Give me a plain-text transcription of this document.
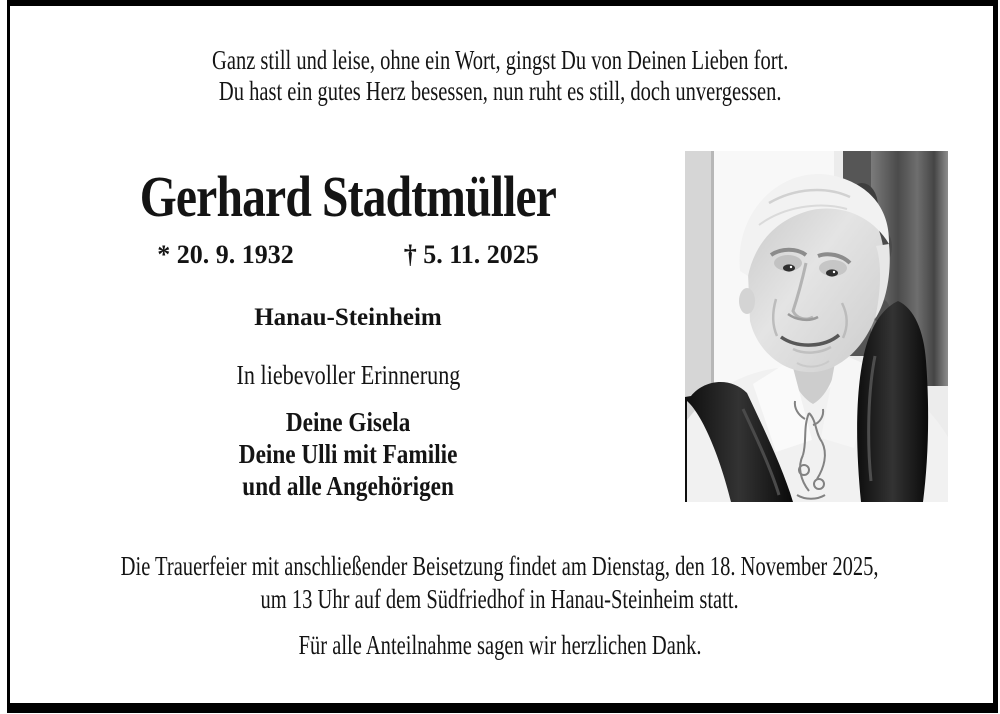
Ganz still und leise, ohne ein Wort, gingst Du von Deinen Lieben fort.
Du hast ein gutes Herz besessen, nun ruht es still, doch unvergessen.
Gerhard Stadtmüller
* 20. 9. 1932	† 5. 11. 2025
Hanau-Steinheim
In liebevoller Erinnerung
Deine Gisela
Deine Ulli mit Familie
und alle Angehörigen
Die Trauerfeier mit anschließender Beisetzung findet am Dienstag, den 18. November 2025,
um 13 Uhr auf dem Südfriedhof in Hanau-Steinheim statt.
Für alle Anteilnahme sagen wir herzlichen Dank.
